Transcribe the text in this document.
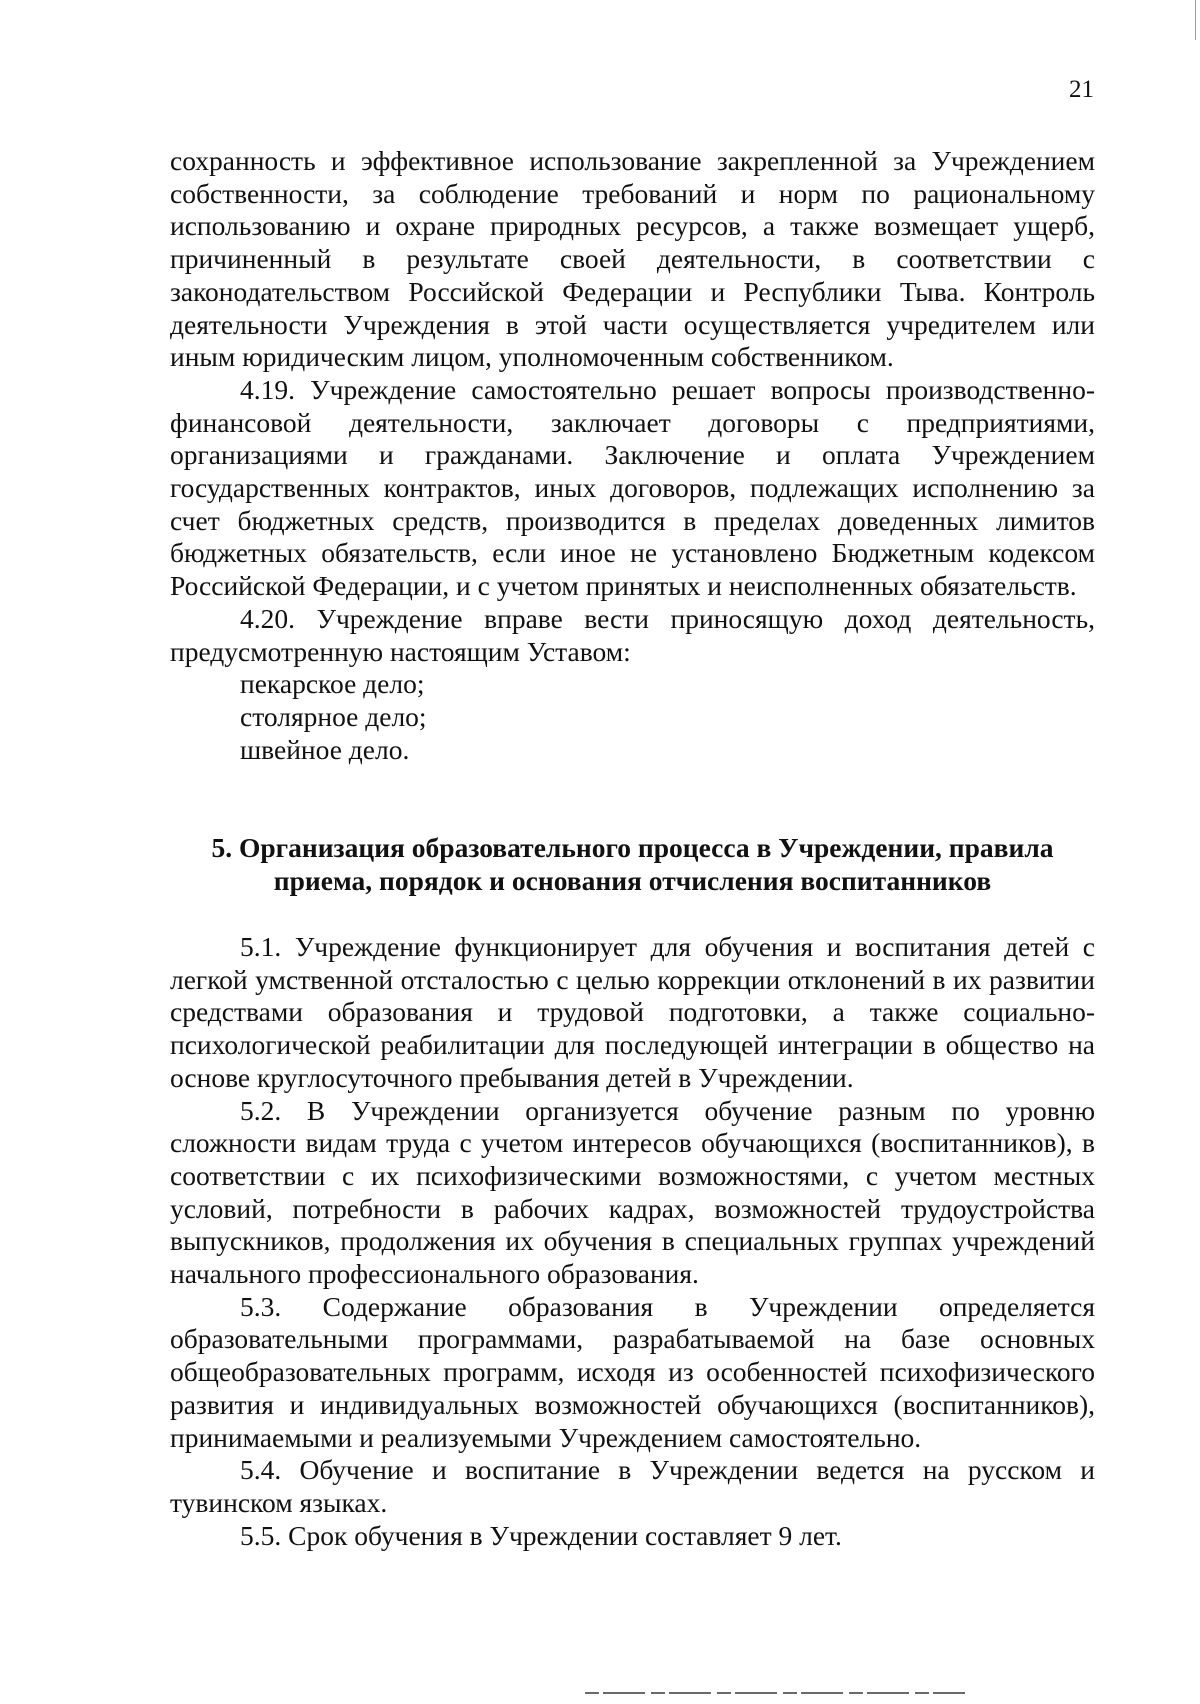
21

сохранность и эффективное использование закрепленной за Учреждением собственности, за соблюдение требований и норм по рациональному использованию и охране природных ресурсов, а также возмещает ущерб, причиненный в результате своей деятельности, в соответствии с законодательством Российской Федерации и Республики Тыва. Контроль деятельности Учреждения в этой части осуществляется учредителем или иным юридическим лицом, уполномоченным собственником.

4.19. Учреждение самостоятельно решает вопросы производственно-финансовой деятельности, заключает договоры с предприятиями, организациями и гражданами. Заключение и оплата Учреждением государственных контрактов, иных договоров, подлежащих исполнению за счет бюджетных средств, производится в пределах доведенных лимитов бюджетных обязательств, если иное не установлено Бюджетным кодексом Российской Федерации, и с учетом принятых и неисполненных обязательств.

4.20. Учреждение вправе вести приносящую доход деятельность, предусмотренную настоящим Уставом:

пекарское дело;

столярное дело;

швейное дело.

5. Организация образовательного процесса в Учреждении, правила

приема, порядок и основания отчисления воспитанников

5.1. Учреждение функционирует для обучения и воспитания детей с легкой умственной отсталостью с целью коррекции отклонений в их развитии средствами образования и трудовой подготовки, а также социально-психологической реабилитации для последующей интеграции в общество на основе круглосуточного пребывания детей в Учреждении.

5.2. В Учреждении организуется обучение разным по уровню сложности видам труда с учетом интересов обучающихся (воспитанников), в соответствии с их психофизическими возможностями, с учетом местных условий, потребности в рабочих кадрах, возможностей трудоустройства выпускников, продолжения их обучения в специальных группах учреждений начального профессионального образования.

5.3. Содержание образования в Учреждении определяется образовательными программами, разрабатываемой на базе основных общеобразовательных программ, исходя из особенностей психофизического развития и индивидуальных возможностей обучающихся (воспитанников), принимаемыми и реализуемыми Учреждением самостоятельно.

5.4. Обучение и воспитание в Учреждении ведется на русском и тувинском языках.

5.5. Срок обучения в Учреждении составляет 9 лет.
